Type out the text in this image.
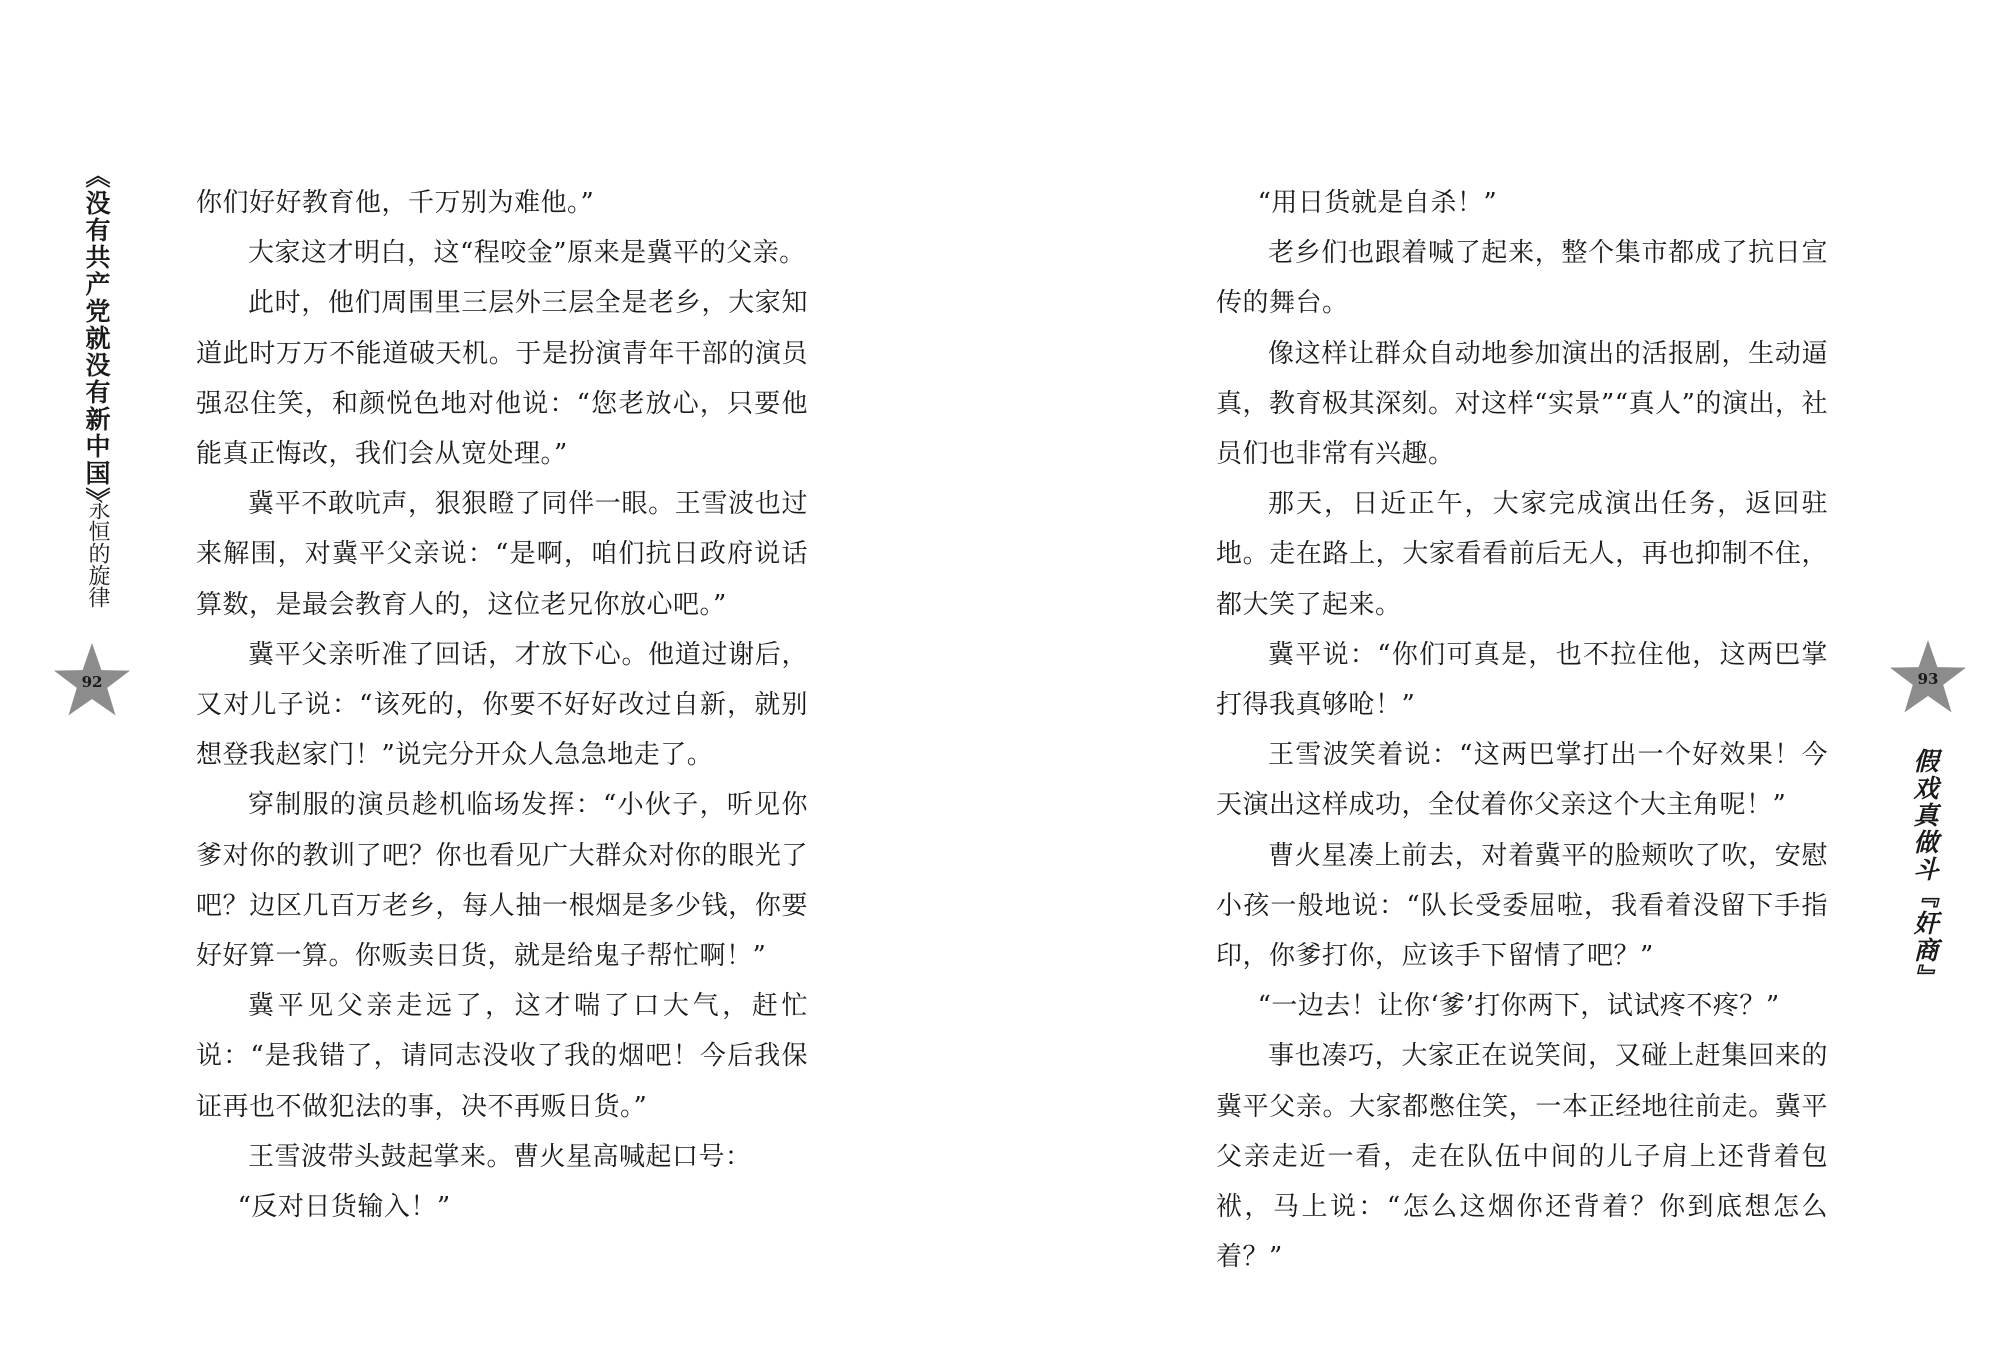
《没有共产党就没有新中国》
永恒的旋律
92

你们好好教育他，千万别为难他。”

大家这才明白，这“程咬金”原来是冀平的父亲。

此时，他们周围里三层外三层全是老乡，大家知道此时万万不能道破天机。于是扮演青年干部的演员强忍住笑，和颜悦色地对他说：“您老放心，只要他能真正悔改，我们会从宽处理。”

冀平不敢吭声，狠狠瞪了同伴一眼。王雪波也过来解围，对冀平父亲说：“是啊，咱们抗日政府说话算数，是最会教育人的，这位老兄你放心吧。”

冀平父亲听准了回话，才放下心。他道过谢后，又对儿子说：“该死的，你要不好好改过自新，就别想登我赵家门！”说完分开众人急急地走了。

穿制服的演员趁机临场发挥：“小伙子，听见你爹对你的教训了吧？你也看见广大群众对你的眼光了吧？边区几百万老乡，每人抽一根烟是多少钱，你要好好算一算。你贩卖日货，就是给鬼子帮忙啊！”

冀平见父亲走远了，这才喘了口大气，赶忙说：“是我错了，请同志没收了我的烟吧！今后我保证再也不做犯法的事，决不再贩日货。”

王雪波带头鼓起掌来。曹火星高喊起口号：

“反对日货输入！”

“用日货就是自杀！”

老乡们也跟着喊了起来，整个集市都成了抗日宣传的舞台。

像这样让群众自动地参加演出的活报剧，生动逼真，教育极其深刻。对这样“实景”“真人”的演出，社员们也非常有兴趣。

那天，日近正午，大家完成演出任务，返回驻地。走在路上，大家看看前后无人，再也抑制不住，都大笑了起来。

冀平说：“你们可真是，也不拉住他，这两巴掌打得我真够呛！”

王雪波笑着说：“这两巴掌打出一个好效果！今天演出这样成功，全仗着你父亲这个大主角呢！”

曹火星凑上前去，对着冀平的脸颊吹了吹，安慰小孩一般地说：“队长受委屈啦，我看着没留下手指印，你爹打你，应该手下留情了吧？”

“一边去！让你‘爹’打你两下，试试疼不疼？”

事也凑巧，大家正在说笑间，又碰上赶集回来的冀平父亲。大家都憋住笑，一本正经地往前走。冀平父亲走近一看，走在队伍中间的儿子肩上还背着包袱，马上说：“怎么这烟你还背着？你到底想怎么着？”

93
假戏真做斗『奸商』
